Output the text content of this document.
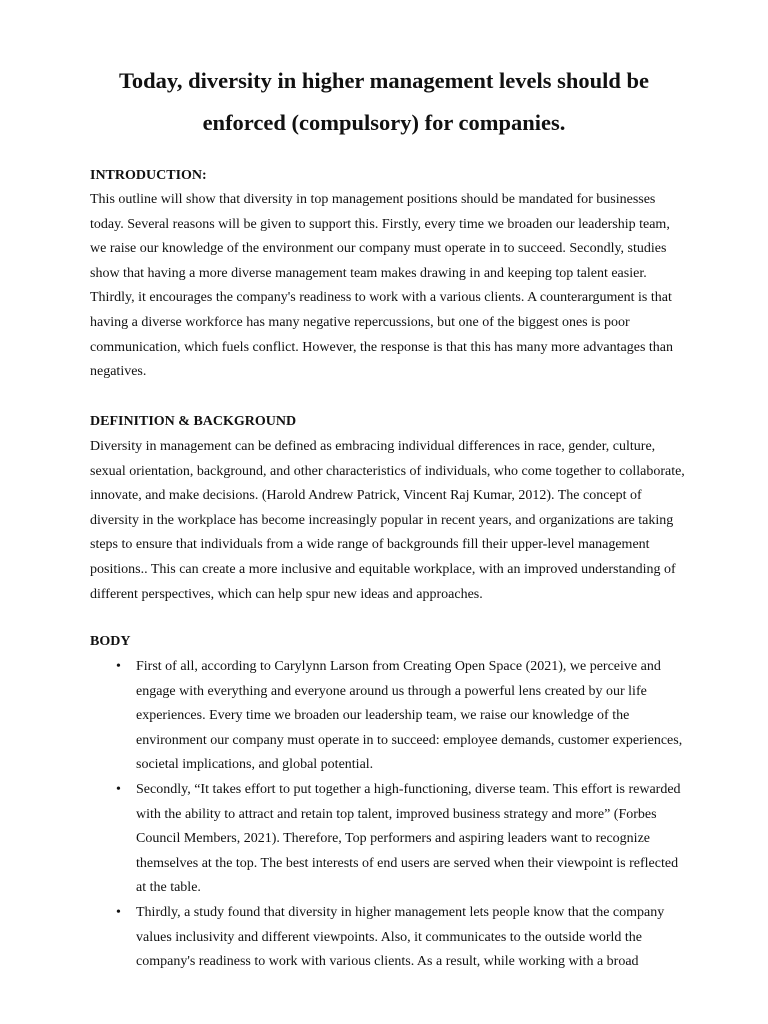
Today, diversity in higher management levels should be
enforced (compulsory) for companies.
INTRODUCTION:

This outline will show that diversity in top management positions should be mandated for businesses
today. Several reasons will be given to support this. Firstly, every time we broaden our leadership team,
we raise our knowledge of the environment our company must operate in to succeed. Secondly, studies
show that having a more diverse management team makes drawing in and keeping top talent easier.
Thirdly, it encourages the company's readiness to work with a various clients. A counterargument is that
having a diverse workforce has many negative repercussions, but one of the biggest ones is poor
communication, which fuels conflict. However, the response is that this has many more advantages than
negatives.

DEFINITION & BACKGROUND

Diversity in management can be defined as embracing individual differences in race, gender, culture,
sexual orientation, background, and other characteristics of individuals, who come together to collaborate,
innovate, and make decisions. (Harold Andrew Patrick, Vincent Raj Kumar, 2012). The concept of
diversity in the workplace has become increasingly popular in recent years, and organizations are taking
steps to ensure that individuals from a wide range of backgrounds fill their upper-level management
positions.. This can create a more inclusive and equitable workplace, with an improved understanding of
different perspectives, which can help spur new ideas and approaches.

BODY
• First of all, according to Carylynn Larson from Creating Open Space (2021), we perceive and
engage with everything and everyone around us through a powerful lens created by our life
experiences. Every time we broaden our leadership team, we raise our knowledge of the
environment our company must operate in to succeed: employee demands, customer experiences,
societal implications, and global potential.
• Secondly, “It takes effort to put together a high-functioning, diverse team. This effort is rewarded
with the ability to attract and retain top talent, improved business strategy and more” (Forbes
Council Members, 2021). Therefore, Top performers and aspiring leaders want to recognize
themselves at the top. The best interests of end users are served when their viewpoint is reflected
at the table.
• Thirdly, a study found that diversity in higher management lets people know that the company
values inclusivity and different viewpoints. Also, it communicates to the outside world the
company's readiness to work with various clients. As a result, while working with a broad
